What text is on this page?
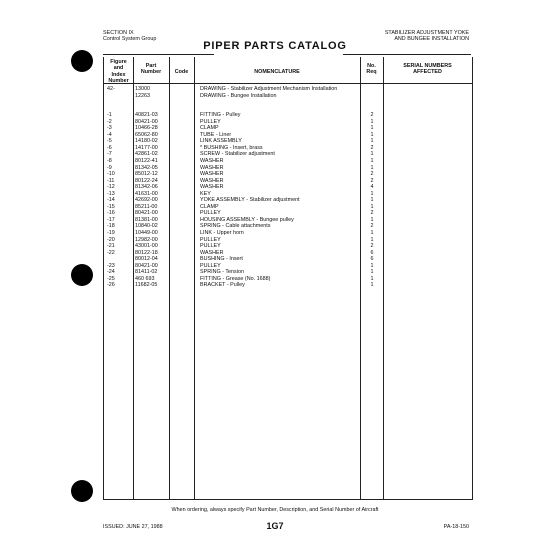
SECTION IX
Control System Group
STABILIZER ADJUSTMENT YOKE
AND BUNGEE INSTALLATION
PIPER PARTS CATALOG
Figure
and
Index
Number
Part
Number	Code	NOMENCLATURE
No.
Req
SERIAL NUMBERS
AFFECTED
42-	13000	DRAWING - Stabilizer Adjustment Mechanism Installation
12263	DRAWING - Bungee Installation
-1	40821-03	FITTING - Pulley	2
-2	80421-00	PULLEY	1
-3	10466-28	CLAMP	1
-4	65062-80	TUBE - Liner	1
-5	14180-02	LINK ASSEMBLY	1
-6	14177-00	* BUSHING - Insert, brass	2
-7	42861-02	SCREW - Stabilizer adjustment	1
-8	80122-41	WASHER	1
-9	81342-05	WASHER	1
-10	85012-12	WASHER	2
-11	80122-24	WASHER	2
-12	81342-06	WASHER	4
-13	41631-00	KEY	1
-14	42692-00	YOKE ASSEMBLY - Stabilizer adjustment	1
-15	85211-00	CLAMP	1
-16	80421-00	PULLEY	2
-17	81381-00	HOUSING ASSEMBLY - Bungee pulley	1
-18	10840-02	SPRING - Cable attachments	2
-19	10449-00	LINK - Upper horn	1
-20	12982-00	PULLEY	1
-21	43001-00	PULLEY	2
-22	80122-18	WASHER	6
80012-04	BUSHING - Insert	6
-23	80421-00	PULLEY	1
-24	81411-02	SPRING - Tension	1
-25	460 693	FITTING - Grease (No. 1688)	1
-26	11682-05	BRACKET - Pulley	1
When ordering, always specify Part Number, Description, and Serial Number of Aircraft
ISSUED: JUNE 27, 1988	1G7	PA-18-150
